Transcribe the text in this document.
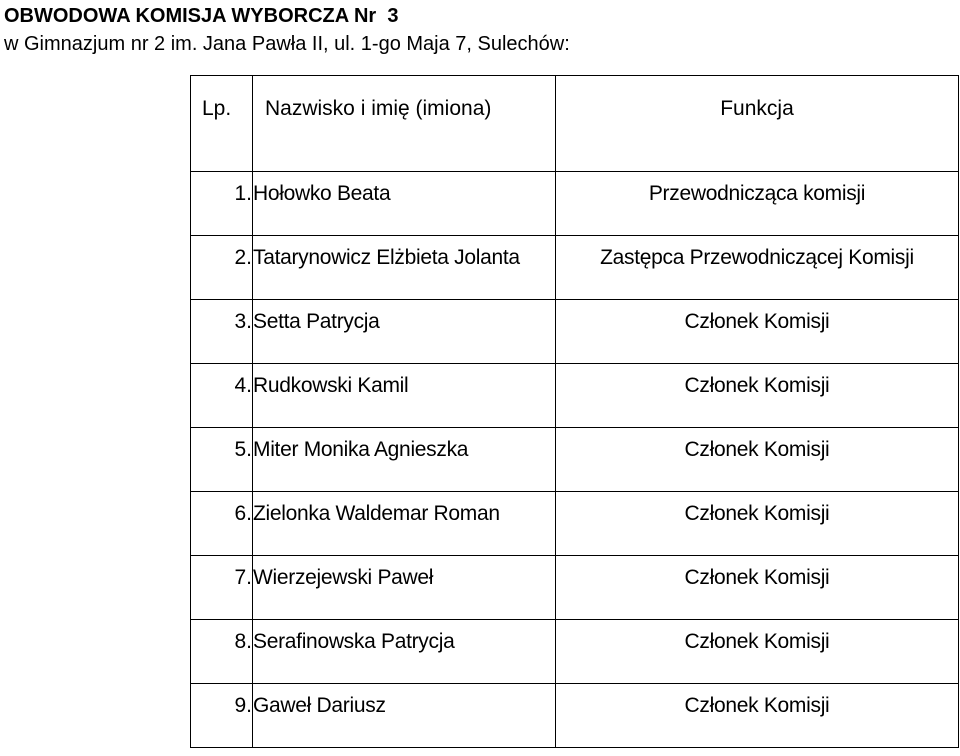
OBWODOWA KOMISJA WYBORCZA Nr  3
w Gimnazjum nr 2 im. Jana Pawła II, ul. 1-go Maja 7, Sulechów:
Lp.	Nazwisko i imię (imiona)	Funkcja
1.	Hołowko Beata	Przewodnicząca komisji
2.	Tatarynowicz Elżbieta Jolanta	Zastępca Przewodniczącej Komisji
3.	Setta Patrycja	Członek Komisji
4.	Rudkowski Kamil	Członek Komisji
5.	Miter Monika Agnieszka	Członek Komisji
6.	Zielonka Waldemar Roman	Członek Komisji
7.	Wierzejewski Paweł	Członek Komisji
8.	Serafinowska Patrycja	Członek Komisji
9.	Gaweł Dariusz	Członek Komisji
